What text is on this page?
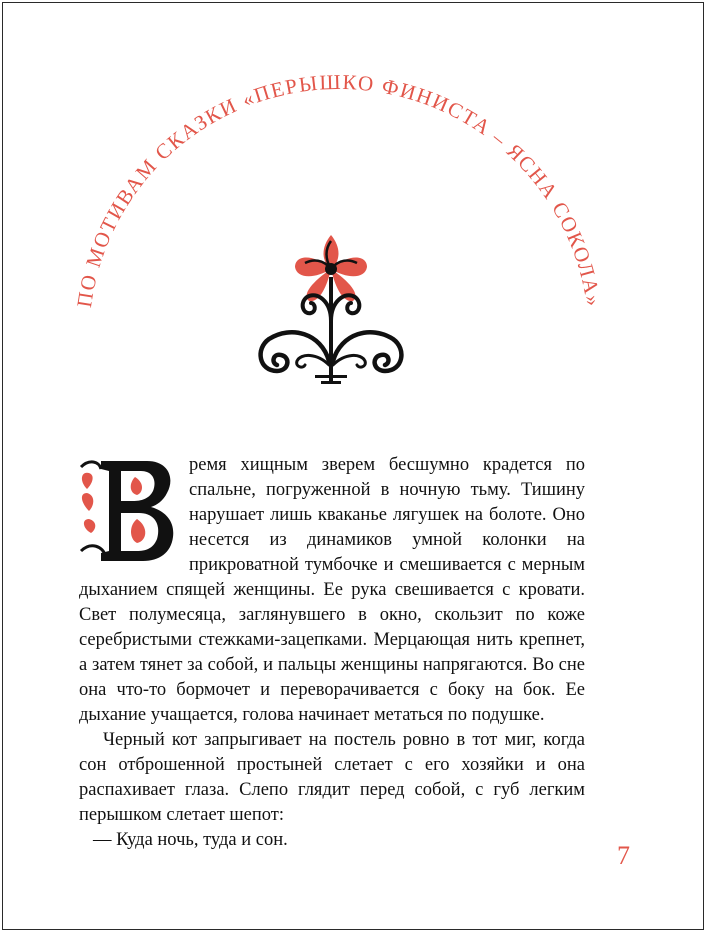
ПО МОТИВАМ СКАЗКИ «ПЕРЫШКО ФИНИСТА – ЯСНА СОКОЛА»

ремя хищным зверем бесшумно крадется по спальне, погруженной в ночную тьму. Тишину нарушает лишь кваканье лягушек на болоте. Оно несется из динамиков умной колонки на прикроватной тумбочке и смешивается с мерным дыханием спящей женщины. Ее рука свешивается с кровати. Свет полумесяца, заглянувшего в окно, скользит по коже серебристыми стежками-зацепками. Мерцающая нить крепнет, а затем тянет за собой, и пальцы женщины напрягаются. Во сне она что-то бормочет и переворачивается с боку на бок. Ее дыхание учащается, голова начинает метаться по подушке.

Черный кот запрыгивает на постель ровно в тот миг, когда сон отброшенной простыней слетает с его хозяйки и она распахивает глаза. Слепо глядит перед собой, с губ легким перышком слетает шепот:

— Куда ночь, туда и сон.

7
